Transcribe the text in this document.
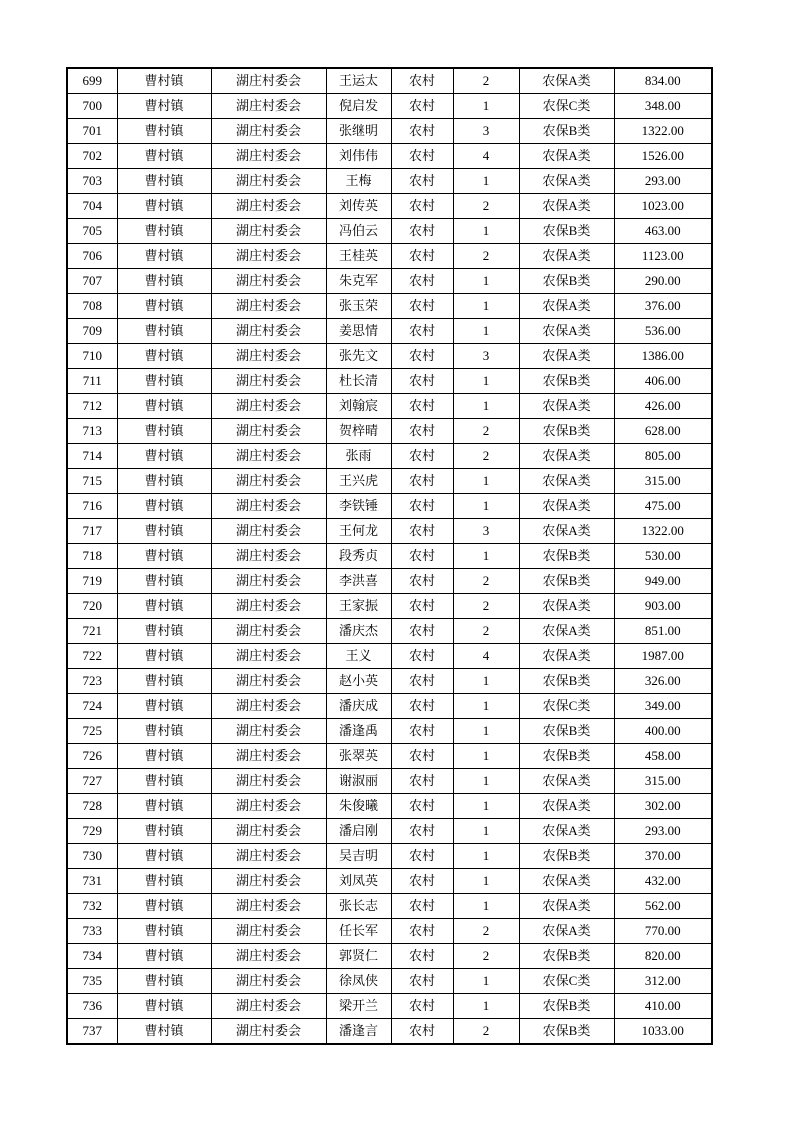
699	曹村镇	湖庄村委会	王运太	农村	2	农保A类	834.00
700	曹村镇	湖庄村委会	倪启发	农村	1	农保C类	348.00
701	曹村镇	湖庄村委会	张继明	农村	3	农保B类	1322.00
702	曹村镇	湖庄村委会	刘伟伟	农村	4	农保A类	1526.00
703	曹村镇	湖庄村委会	王梅	农村	1	农保A类	293.00
704	曹村镇	湖庄村委会	刘传英	农村	2	农保A类	1023.00
705	曹村镇	湖庄村委会	冯伯云	农村	1	农保B类	463.00
706	曹村镇	湖庄村委会	王桂英	农村	2	农保A类	1123.00
707	曹村镇	湖庄村委会	朱克军	农村	1	农保B类	290.00
708	曹村镇	湖庄村委会	张玉荣	农村	1	农保A类	376.00
709	曹村镇	湖庄村委会	姜思情	农村	1	农保A类	536.00
710	曹村镇	湖庄村委会	张先文	农村	3	农保A类	1386.00
711	曹村镇	湖庄村委会	杜长清	农村	1	农保B类	406.00
712	曹村镇	湖庄村委会	刘翰宸	农村	1	农保A类	426.00
713	曹村镇	湖庄村委会	贺梓晴	农村	2	农保B类	628.00
714	曹村镇	湖庄村委会	张雨	农村	2	农保A类	805.00
715	曹村镇	湖庄村委会	王兴虎	农村	1	农保A类	315.00
716	曹村镇	湖庄村委会	李铁锤	农村	1	农保A类	475.00
717	曹村镇	湖庄村委会	王何龙	农村	3	农保A类	1322.00
718	曹村镇	湖庄村委会	段秀贞	农村	1	农保B类	530.00
719	曹村镇	湖庄村委会	李洪喜	农村	2	农保B类	949.00
720	曹村镇	湖庄村委会	王家振	农村	2	农保A类	903.00
721	曹村镇	湖庄村委会	潘庆杰	农村	2	农保A类	851.00
722	曹村镇	湖庄村委会	王义	农村	4	农保A类	1987.00
723	曹村镇	湖庄村委会	赵小英	农村	1	农保B类	326.00
724	曹村镇	湖庄村委会	潘庆成	农村	1	农保C类	349.00
725	曹村镇	湖庄村委会	潘逢禹	农村	1	农保B类	400.00
726	曹村镇	湖庄村委会	张翠英	农村	1	农保B类	458.00
727	曹村镇	湖庄村委会	谢淑丽	农村	1	农保A类	315.00
728	曹村镇	湖庄村委会	朱俊曦	农村	1	农保A类	302.00
729	曹村镇	湖庄村委会	潘启刚	农村	1	农保A类	293.00
730	曹村镇	湖庄村委会	吴吉明	农村	1	农保B类	370.00
731	曹村镇	湖庄村委会	刘凤英	农村	1	农保A类	432.00
732	曹村镇	湖庄村委会	张长志	农村	1	农保A类	562.00
733	曹村镇	湖庄村委会	任长军	农村	2	农保A类	770.00
734	曹村镇	湖庄村委会	郭贤仁	农村	2	农保B类	820.00
735	曹村镇	湖庄村委会	徐凤侠	农村	1	农保C类	312.00
736	曹村镇	湖庄村委会	梁开兰	农村	1	农保B类	410.00
737	曹村镇	湖庄村委会	潘逢言	农村	2	农保B类	1033.00
